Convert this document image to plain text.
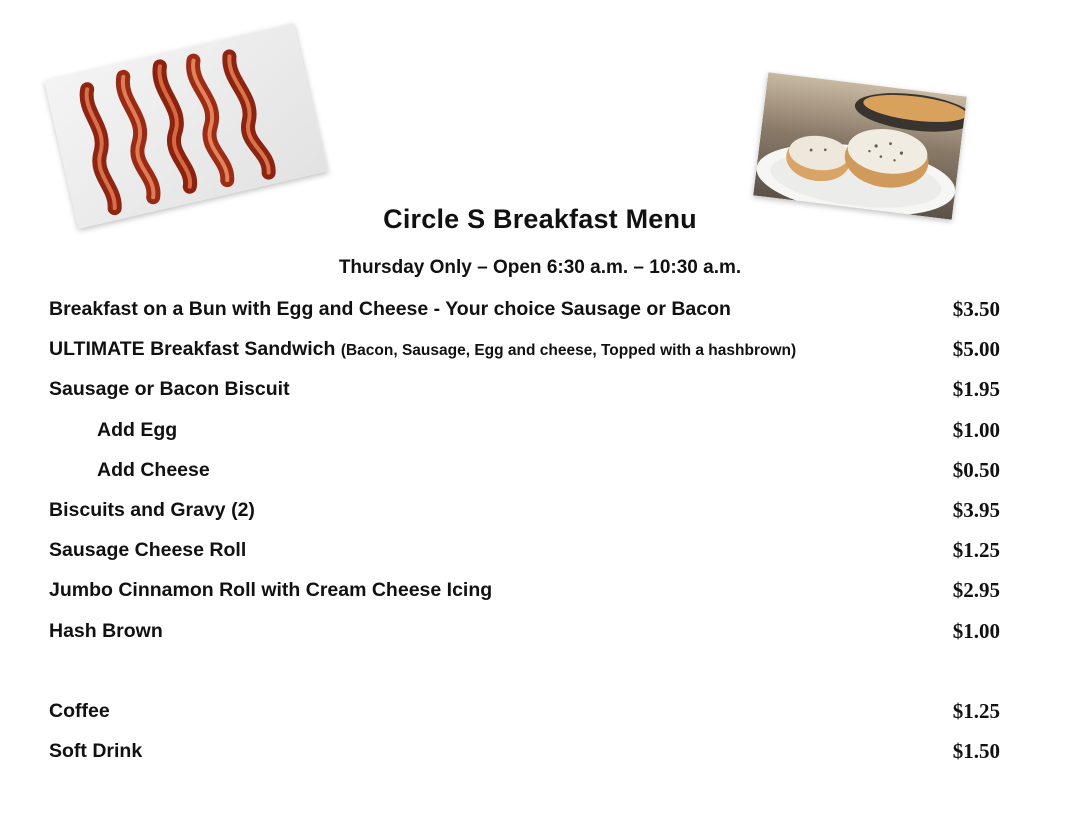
Circle S Breakfast Menu
Thursday Only – Open 6:30 a.m. – 10:30 a.m.
Breakfast on a Bun with Egg and Cheese - Your choice Sausage or Bacon	$3.50
ULTIMATE Breakfast Sandwich (Bacon, Sausage, Egg and cheese, Topped with a hashbrown)	$5.00
Sausage or Bacon Biscuit	$1.95
Add Egg	$1.00
Add Cheese	$0.50
Biscuits and Gravy (2)	$3.95
Sausage Cheese Roll	$1.25
Jumbo Cinnamon Roll with Cream Cheese Icing	$2.95
Hash Brown	$1.00
Coffee	$1.25
Soft Drink	$1.50
